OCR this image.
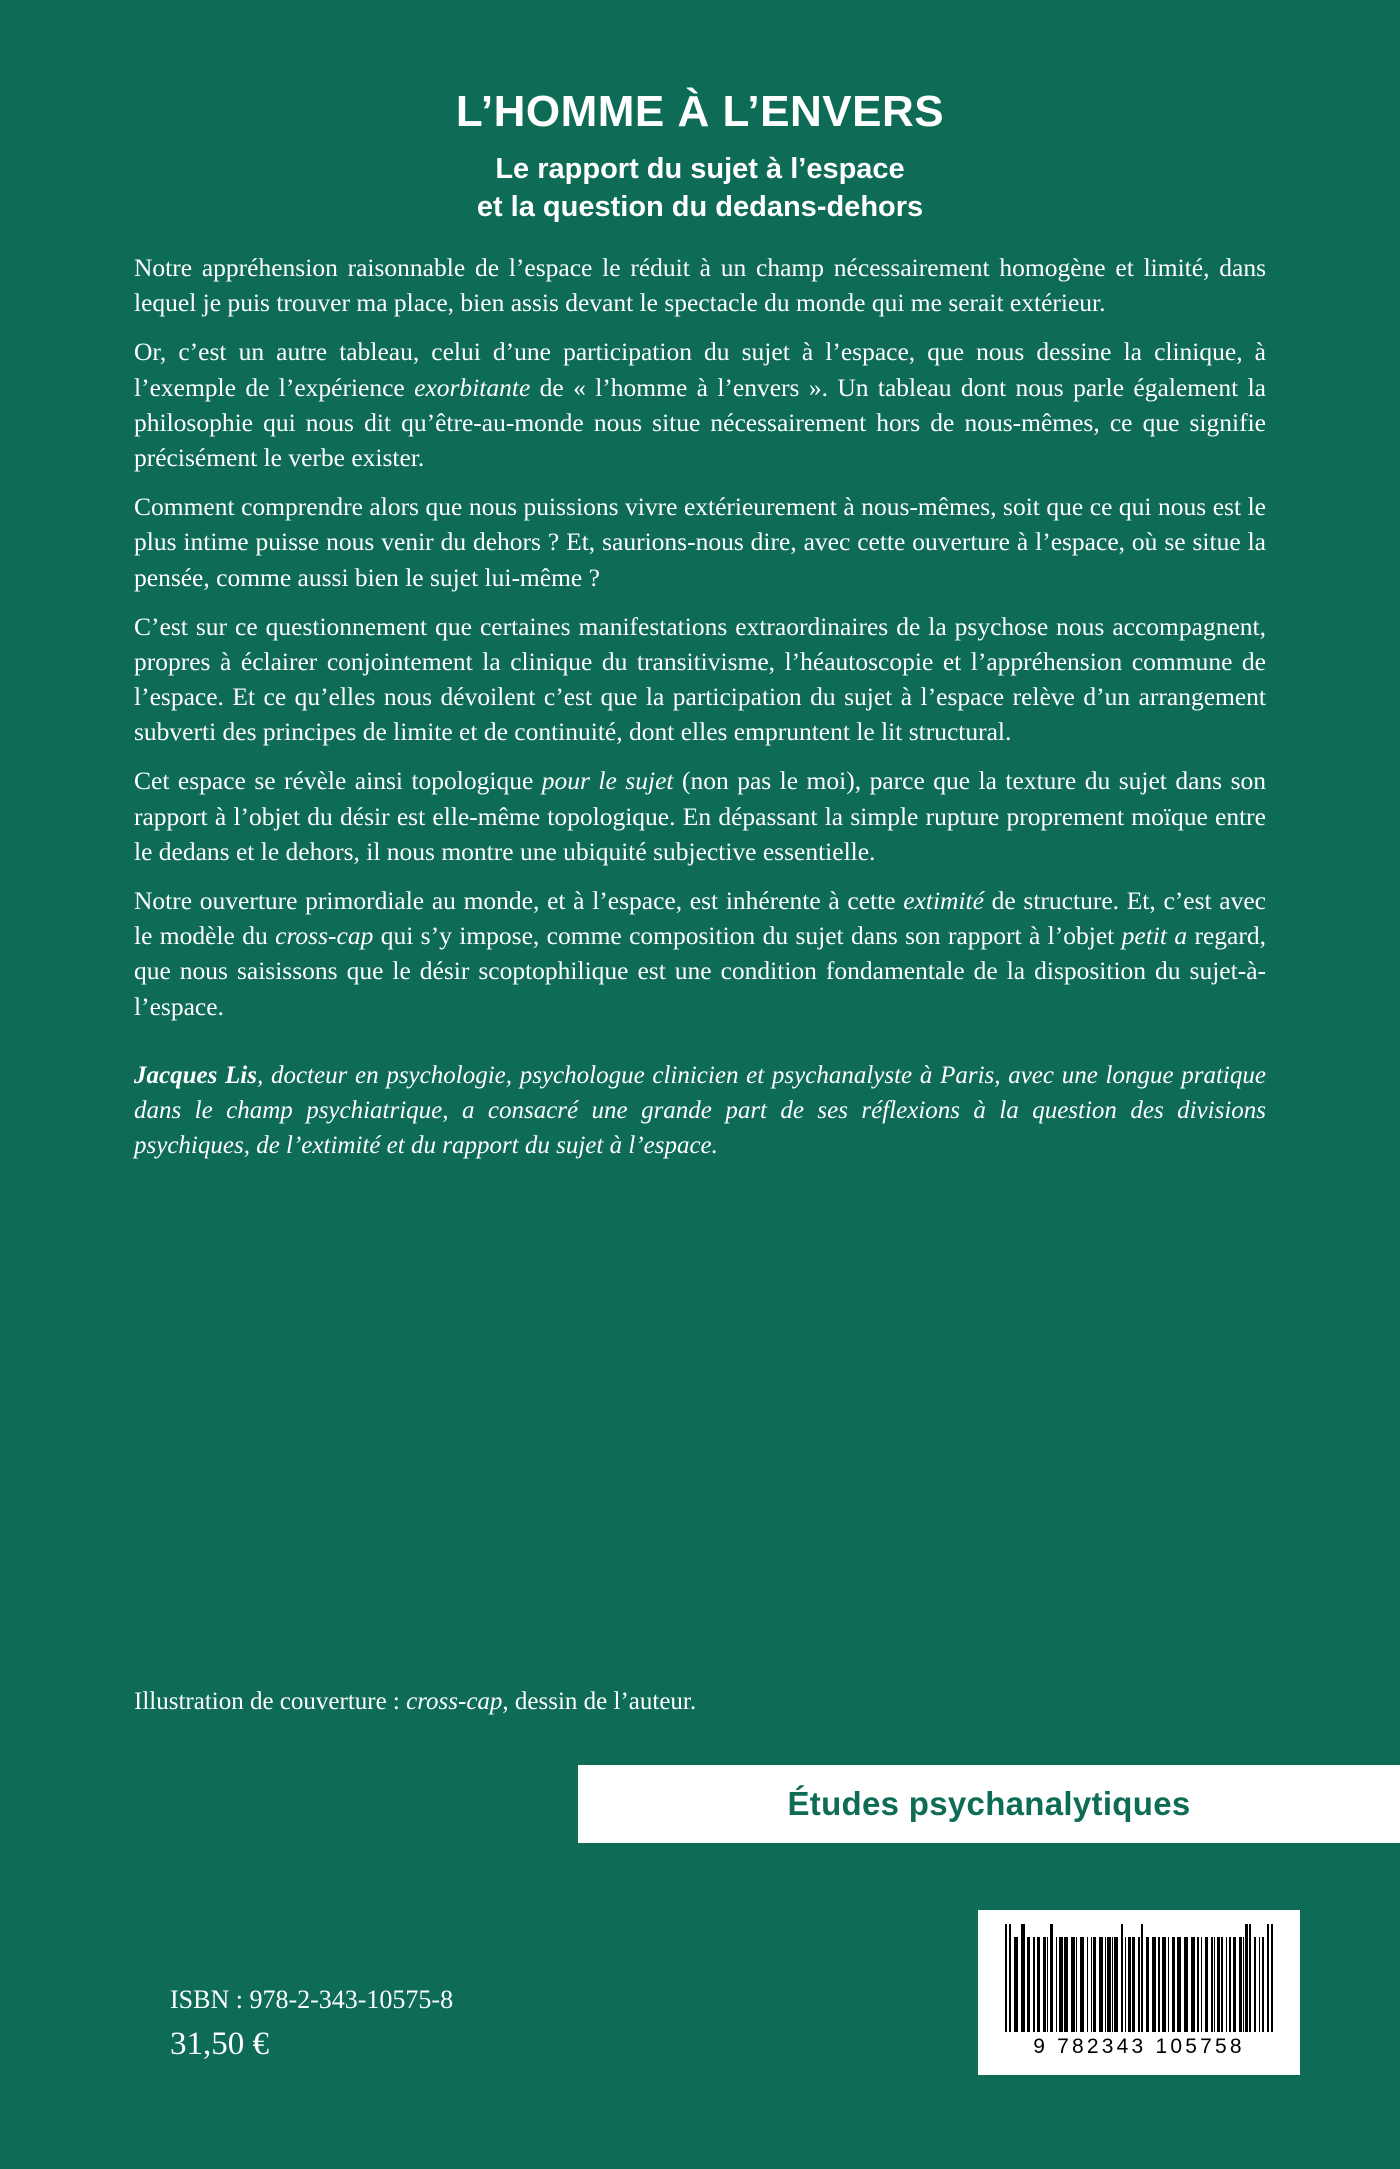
L’HOMME À L’ENVERS
Le rapport du sujet à l’espace
et la question du dedans-dehors

Notre appréhension raisonnable de l’espace le réduit à un champ nécessairement homogène et limité, dans lequel je puis trouver ma place, bien assis devant le spectacle du monde qui me serait extérieur.

Or, c’est un autre tableau, celui d’une participation du sujet à l’espace, que nous dessine la clinique, à l’exemple de l’expérience exorbitante de « l’homme à l’envers ». Un tableau dont nous parle également la philosophie qui nous dit qu’être-au-monde nous situe nécessairement hors de nous-mêmes, ce que signifie précisément le verbe exister.

Comment comprendre alors que nous puissions vivre extérieurement à nous-mêmes, soit que ce qui nous est le plus intime puisse nous venir du dehors ? Et, saurions-nous dire, avec cette ouverture à l’espace, où se situe la pensée, comme aussi bien le sujet lui-même ?

C’est sur ce questionnement que certaines manifestations extraordinaires de la psychose nous accompagnent, propres à éclairer conjointement la clinique du transitivisme, l’héautoscopie et l’appréhension commune de l’espace. Et ce qu’elles nous dévoilent c’est que la participation du sujet à l’espace relève d’un arrangement subverti des principes de limite et de continuité, dont elles empruntent le lit structural.

Cet espace se révèle ainsi topologique pour le sujet (non pas le moi), parce que la texture du sujet dans son rapport à l’objet du désir est elle-même topologique. En dépassant la simple rupture proprement moïque entre le dedans et le dehors, il nous montre une ubiquité subjective essentielle.

Notre ouverture primordiale au monde, et à l’espace, est inhérente à cette extimité de structure. Et, c’est avec le modèle du cross-cap qui s’y impose, comme composition du sujet dans son rapport à l’objet petit a regard, que nous saisissons que le désir scoptophilique est une condition fondamentale de la disposition du sujet-à-l’espace.

Jacques Lis, docteur en psychologie, psychologue clinicien et psychanalyste à Paris, avec une longue pratique dans le champ psychiatrique, a consacré une grande part de ses réflexions à la question des divisions psychiques, de l’extimité et du rapport du sujet à l’espace.

Illustration de couverture : cross-cap, dessin de l’auteur.
Études psychanalytiques
9 782343 105758
ISBN : 978-2-343-10575-8
31,50 €
